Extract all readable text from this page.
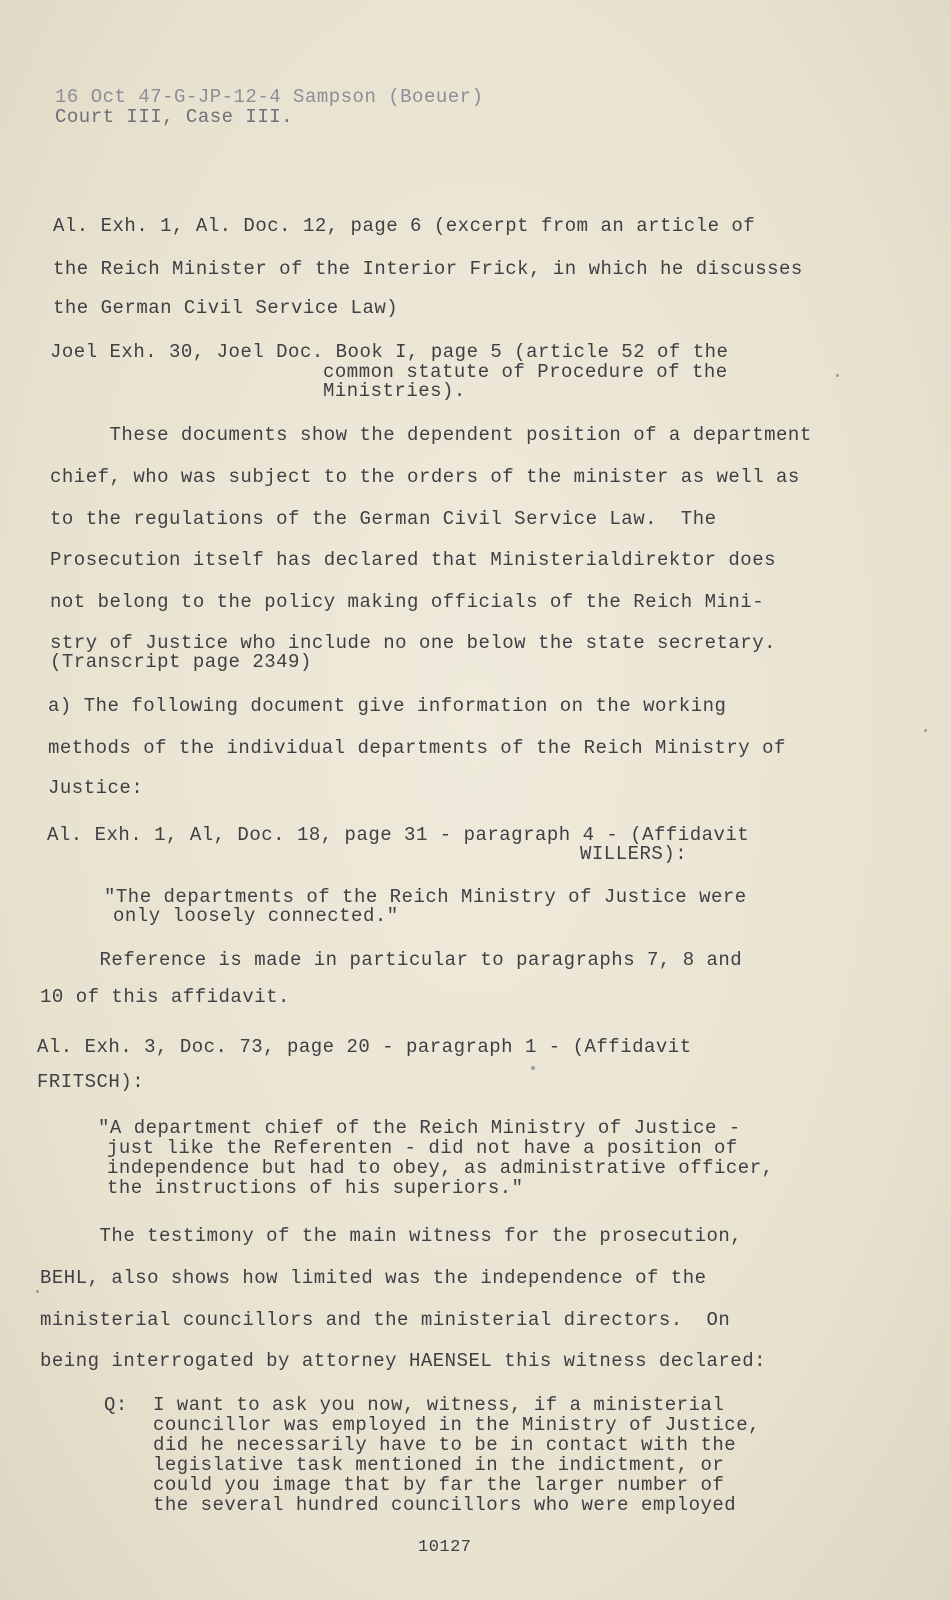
16 Oct 47-G-JP-12-4 Sampson (Boeuer)

Court III, Case III.

Al. Exh. 1, Al. Doc. 12, page 6 (excerpt from an article of

the Reich Minister of the Interior Frick, in which he discusses

the German Civil Service Law)

Joel Exh. 30, Joel Doc. Book I, page 5 (article 52 of the

common statute of Procedure of the

Ministries).

These documents show the dependent position of a department

chief, who was subject to the orders of the minister as well as

to the regulations of the German Civil Service Law.  The

Prosecution itself has declared that Ministerialdirektor does

not belong to the policy making officials of the Reich Mini-

stry of Justice who include no one below the state secretary.

(Transcript page 2349)

a) The following document give information on the working

methods of the individual departments of the Reich Ministry of

Justice:

Al. Exh. 1, Al, Doc. 18, page 31 - paragraph 4 - (Affidavit

WILLERS):

"The departments of the Reich Ministry of Justice were

only loosely connected."

Reference is made in particular to paragraphs 7, 8 and

10 of this affidavit.

Al. Exh. 3, Doc. 73, page 20 - paragraph 1 - (Affidavit

FRITSCH):

"A department chief of the Reich Ministry of Justice -

just like the Referenten - did not have a position of

independence but had to obey, as administrative officer,

the instructions of his superiors."

The testimony of the main witness for the prosecution,

BEHL, also shows how limited was the independence of the

ministerial councillors and the ministerial directors.  On

being interrogated by attorney HAENSEL this witness declared:

Q: I want to ask you now, witness, if a ministerial

councillor was employed in the Ministry of Justice,

did he necessarily have to be in contact with the

legislative task mentioned in the indictment, or

could you image that by far the larger number of

the several hundred councillors who were employed

10127
